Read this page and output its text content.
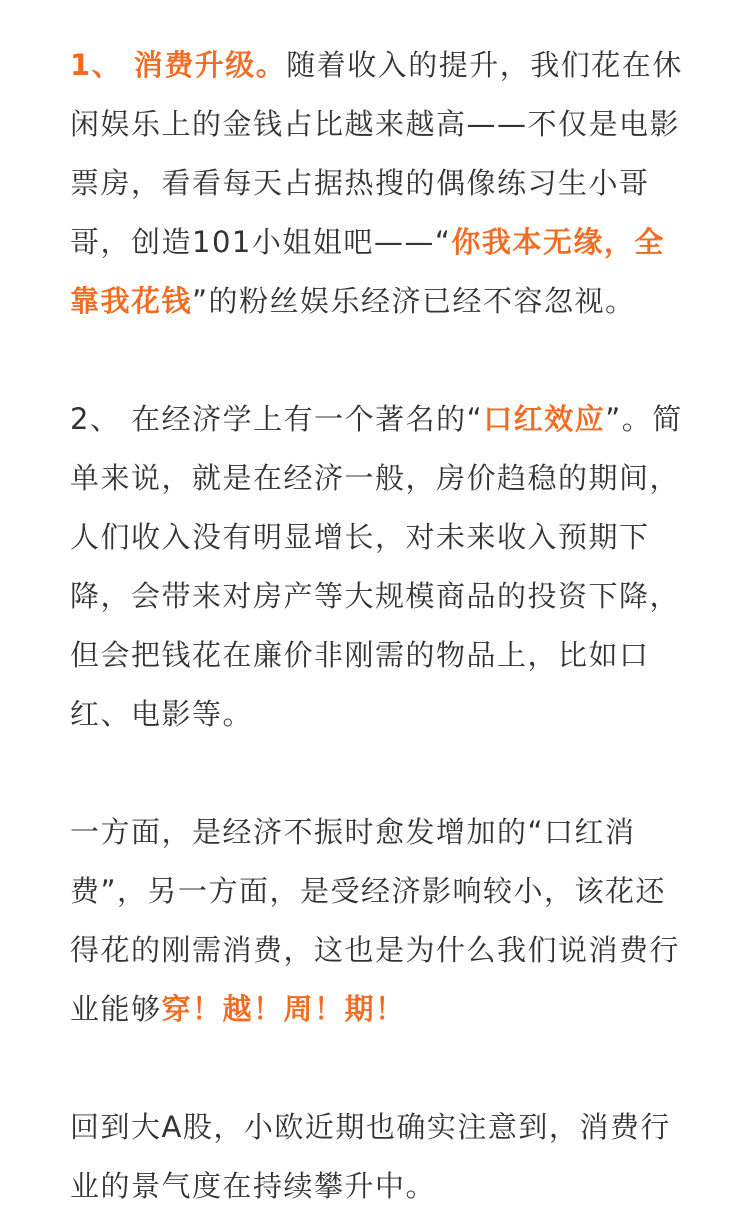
1、 消费升级。随着收入的提升，我们花在休闲娱乐上的金钱占比越来越高——不仅是电影票房，看看每天占据热搜的偶像练习生小哥哥，创造101小姐姐吧——“你我本无缘，全靠我花钱”的粉丝娱乐经济已经不容忽视。

2、 在经济学上有一个著名的“口红效应”。简单来说，就是在经济一般，房价趋稳的期间，人们收入没有明显增长，对未来收入预期下降，会带来对房产等大规模商品的投资下降，但会把钱花在廉价非刚需的物品上，比如口红、电影等。

一方面，是经济不振时愈发增加的“口红消费”，另一方面，是受经济影响较小，该花还得花的刚需消费，这也是为什么我们说消费行业能够穿！越！周！期！

回到大A股，小欧近期也确实注意到，消费行业的景气度在持续攀升中。
